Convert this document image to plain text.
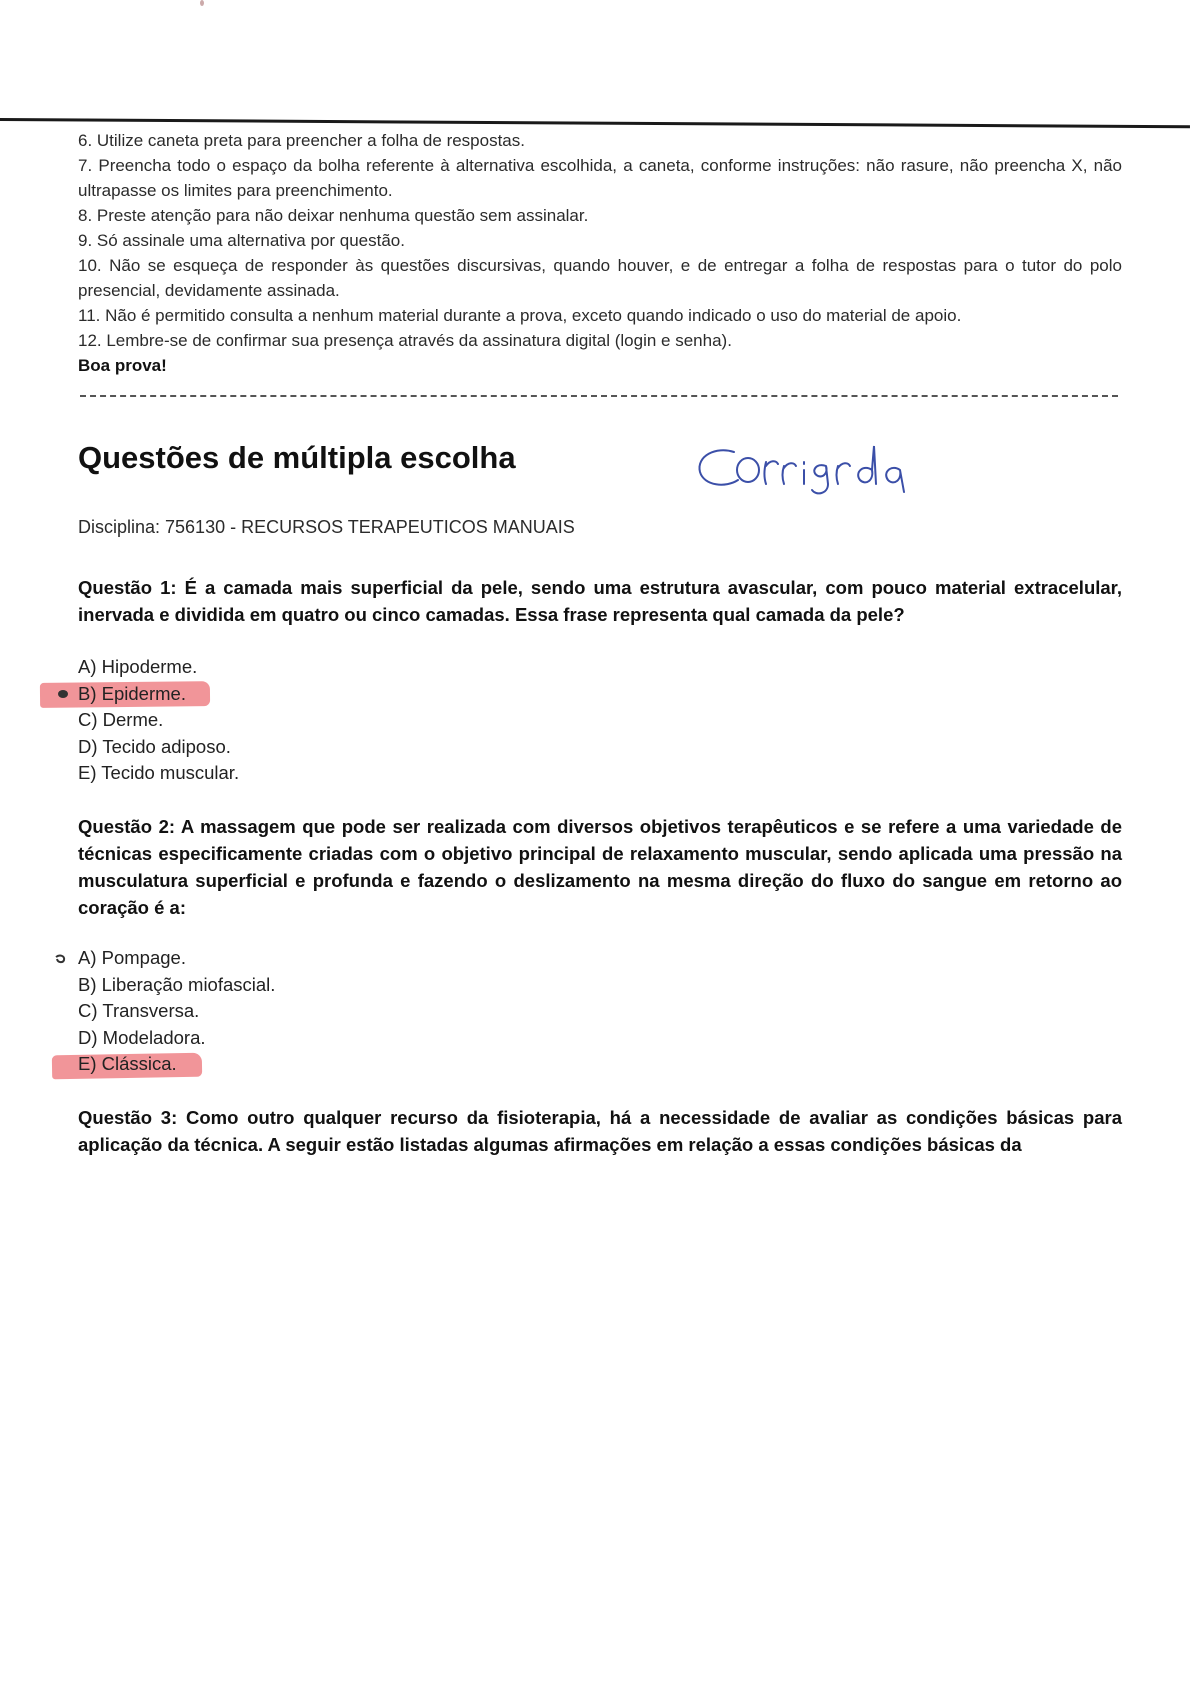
6. Utilize caneta preta para preencher a folha de respostas.

7. Preencha todo o espaço da bolha referente à alternativa escolhida, a caneta, conforme instruções: não rasure, não preencha X, não ultrapasse os limites para preenchimento.

8. Preste atenção para não deixar nenhuma questão sem assinalar.

9. Só assinale uma alternativa por questão.

10. Não se esqueça de responder às questões discursivas, quando houver, e de entregar a folha de respostas para o tutor do polo presencial, devidamente assinada.

11. Não é permitido consulta a nenhum material durante a prova, exceto quando indicado o uso do material de apoio.

12. Lembre-se de confirmar sua presença através da assinatura digital (login e senha).

Boa prova!

Questões de múltipla escolha
Disciplina: 756130 - RECURSOS TERAPEUTICOS MANUAIS
Questão 1: É a camada mais superficial da pele, sendo uma estrutura avascular, com pouco material extracelular, inervada e dividida em quatro ou cinco camadas. Essa frase representa qual camada da pele?
A) Hipoderme.
B) Epiderme.
C) Derme.
D) Tecido adiposo.
E) Tecido muscular.
Questão 2: A massagem que pode ser realizada com diversos objetivos terapêuticos e se refere a uma variedade de técnicas especificamente criadas com o objetivo principal de relaxamento muscular, sendo aplicada uma pressão na musculatura superficial e profunda e fazendo o deslizamento na mesma direção do fluxo do sangue em retorno ao coração é a:
A) Pompage.
B) Liberação miofascial.
C) Transversa.
D) Modeladora.
E) Clássica.
Questão 3: Como outro qualquer recurso da fisioterapia, há a necessidade de avaliar as condições básicas para aplicação da técnica. A seguir estão listadas algumas afirmações em relação a essas condições básicas da
